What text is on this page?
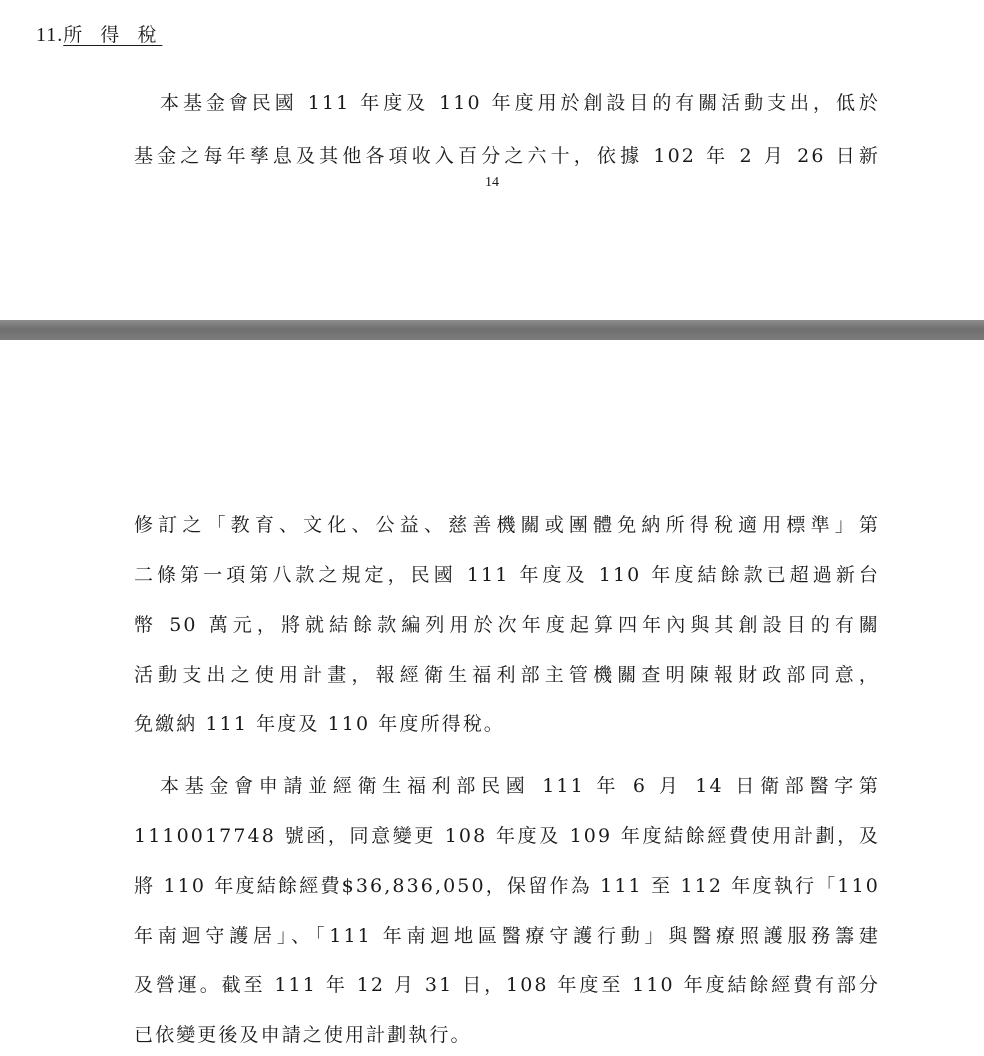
11.所 得 稅
本基金會民國 111 年度及 110 年度用於創設目的有關活動支出，低於
基金之每年孳息及其他各項收入百分之六十，依據 102 年 2 月 26 日新
14
修訂之「教育、文化、公益、慈善機關或團體免納所得稅適用標準」第
二條第一項第八款之規定，民國 111 年度及 110 年度結餘款已超過新台
幣 50 萬元，將就結餘款編列用於次年度起算四年內與其創設目的有關
活動支出之使用計畫，報經衛生福利部主管機關查明陳報財政部同意，
免繳納 111 年度及 110 年度所得稅。
本基金會申請並經衛生福利部民國 111 年 6 月 14 日衛部醫字第
1110017748 號函，同意變更 108 年度及 109 年度結餘經費使用計劃，及
將 110 年度結餘經費$36,836,050，保留作為 111 至 112 年度執行「110
年南迴守護居」、「111 年南迴地區醫療守護行動」與醫療照護服務籌建
及營運。截至 111 年 12 月 31 日，108 年度至 110 年度結餘經費有部分
已依變更後及申請之使用計劃執行。
